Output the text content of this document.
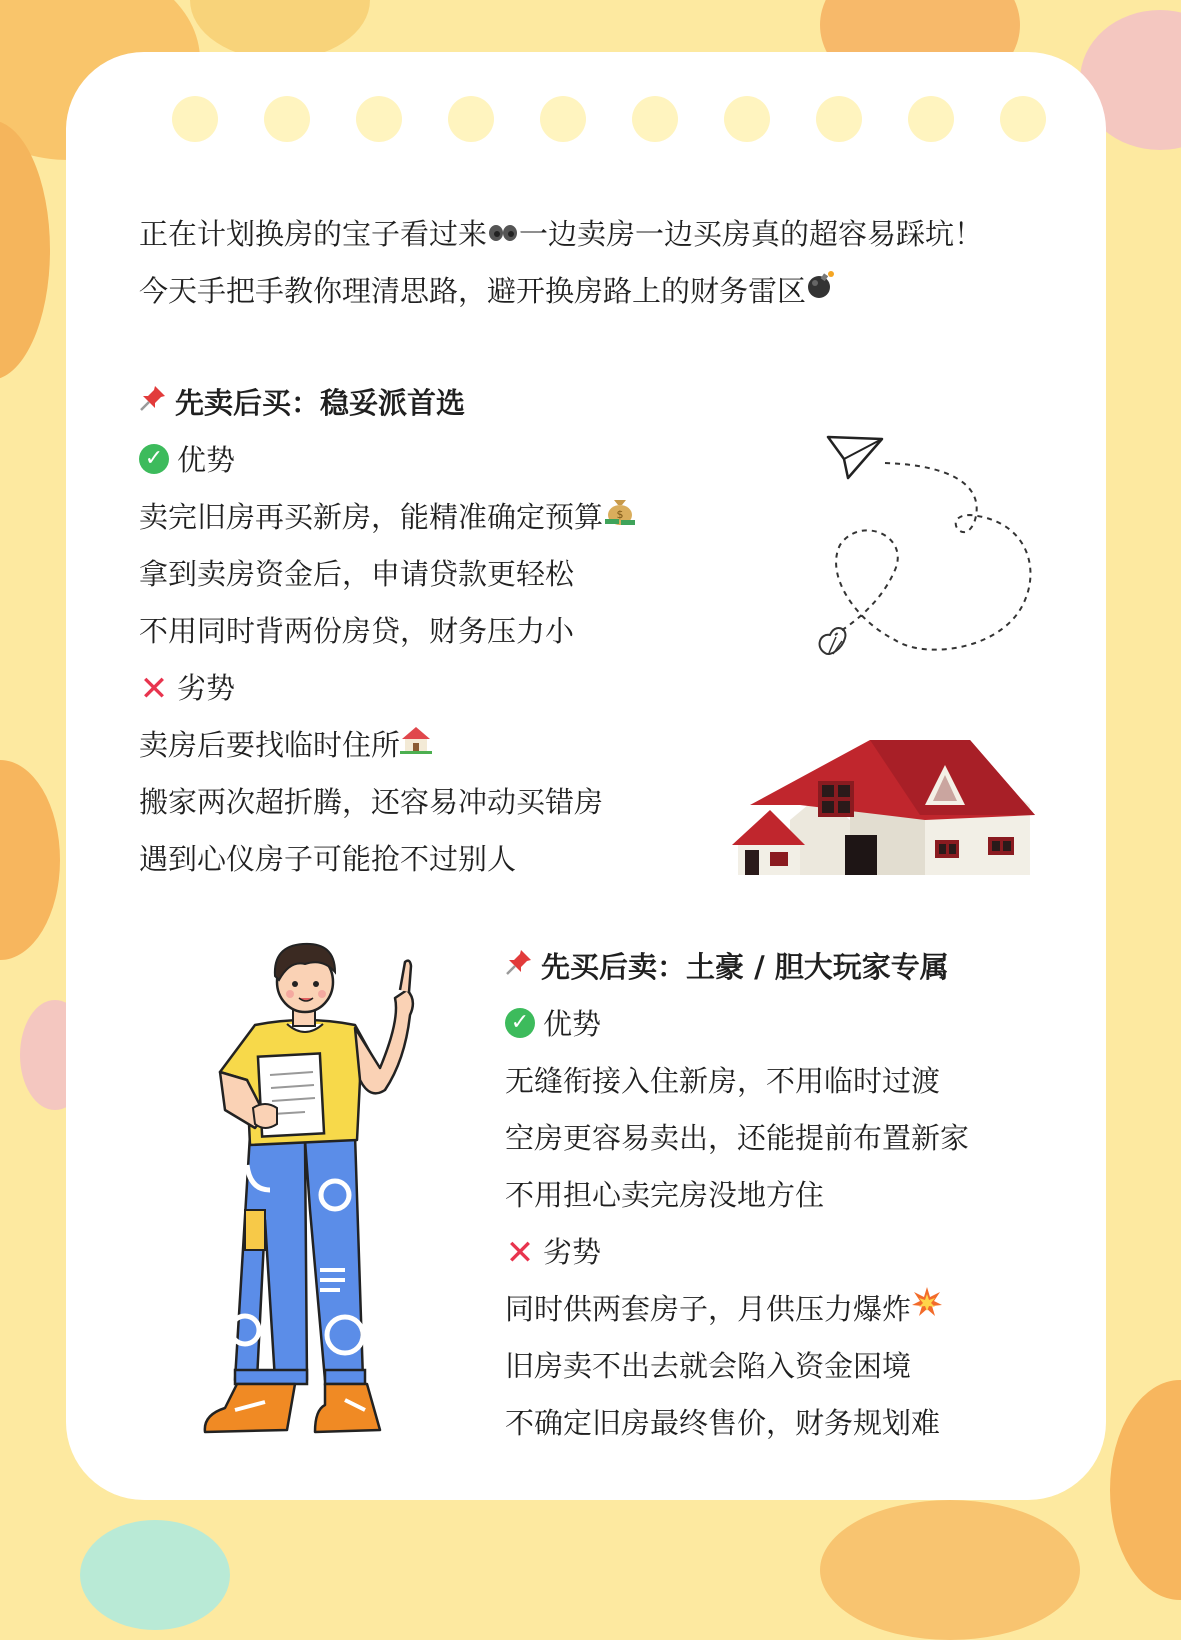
正在计划换房的宝子看过来 一边卖房一边买房真的超容易踩坑！
今天手把手教你理清思路，避开换房路上的财务雷区
先卖后买：稳妥派首选
✓ 优势
卖完旧房再买新房，能精准确定预算 $
拿到卖房资金后，申请贷款更轻松
不用同时背两份房贷，财务压力小
✕ 劣势
卖房后要找临时住所
搬家两次超折腾，还容易冲动买错房
遇到心仪房子可能抢不过别人
先买后卖：土豪 / 胆大玩家专属
✓ 优势
无缝衔接入住新房，不用临时过渡
空房更容易卖出，还能提前布置新家
不用担心卖完房没地方住
✕ 劣势
同时供两套房子，月供压力爆炸
旧房卖不出去就会陷入资金困境
不确定旧房最终售价，财务规划难
